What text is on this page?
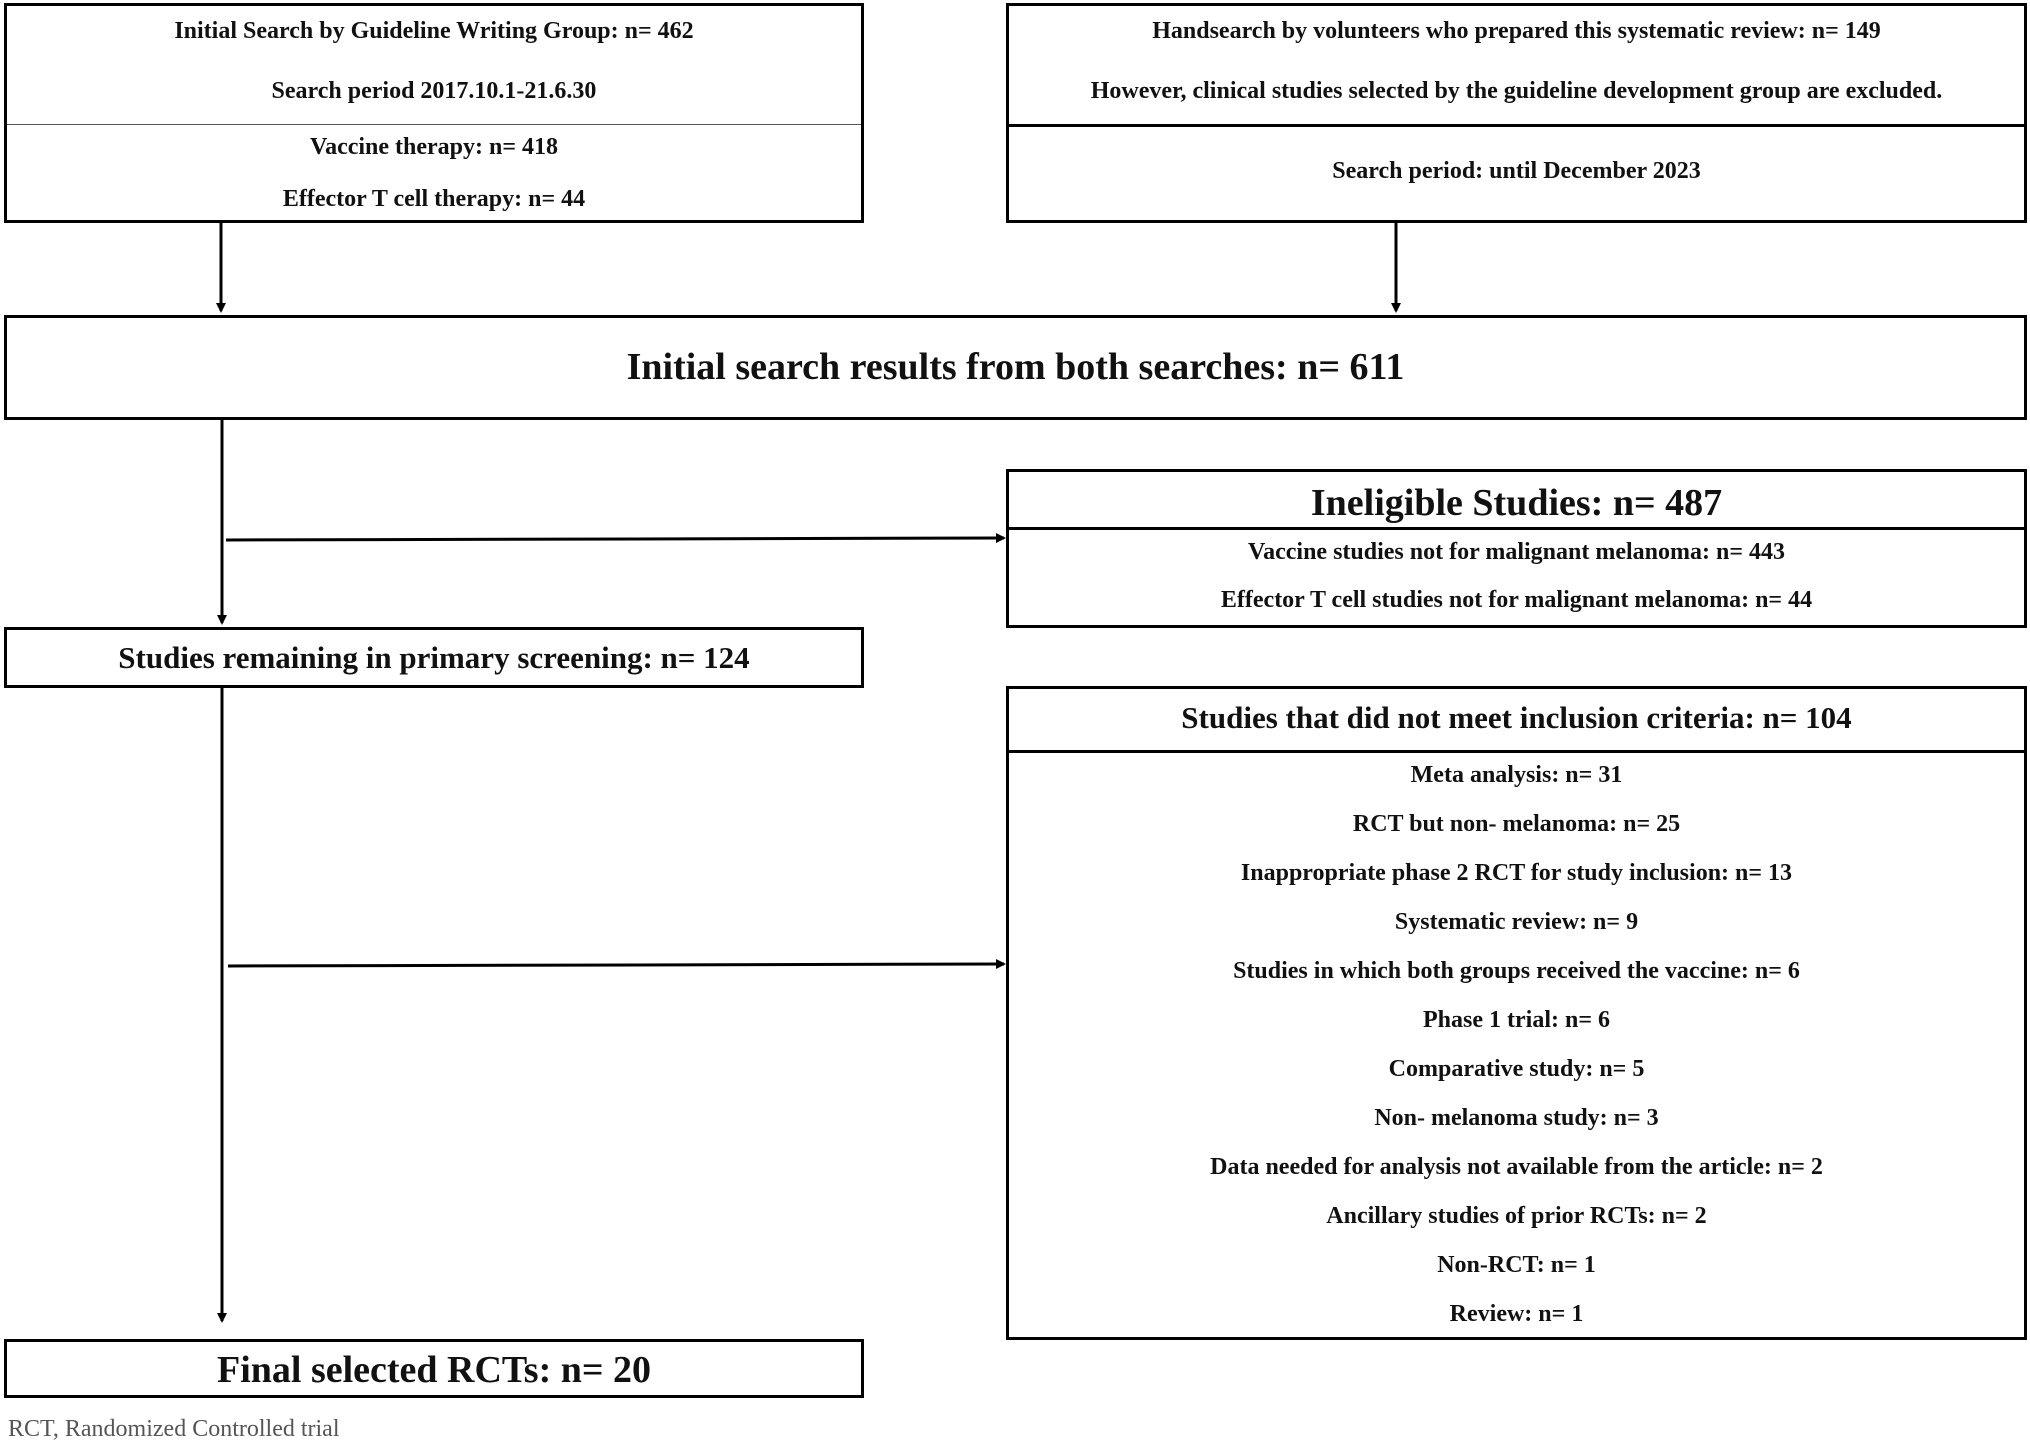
Initial Search by Guideline Writing Group: n= 462
Search period 2017.10.1-21.6.30
Vaccine therapy: n= 418
Effector T cell therapy: n= 44
Handsearch by volunteers who prepared this systematic review: n= 149
However, clinical studies selected by the guideline development group are excluded.
Search period: until December 2023
Initial search results from both searches: n= 611
Ineligible Studies: n= 487
Vaccine studies not for malignant melanoma: n= 443
Effector T cell studies not for malignant melanoma: n= 44
Studies remaining in primary screening: n= 124
Studies that did not meet inclusion criteria: n= 104
Meta analysis: n= 31
RCT but non- melanoma: n= 25
Inappropriate phase 2 RCT for study inclusion: n= 13
Systematic review: n= 9
Studies in which both groups received the vaccine: n= 6
Phase 1 trial: n= 6
Comparative study: n= 5
Non- melanoma study: n= 3
Data needed for analysis not available from the article: n= 2
Ancillary studies of prior RCTs: n= 2
Non-RCT: n= 1
Review: n= 1
Final selected RCTs: n= 20
RCT, Randomized Controlled trial
